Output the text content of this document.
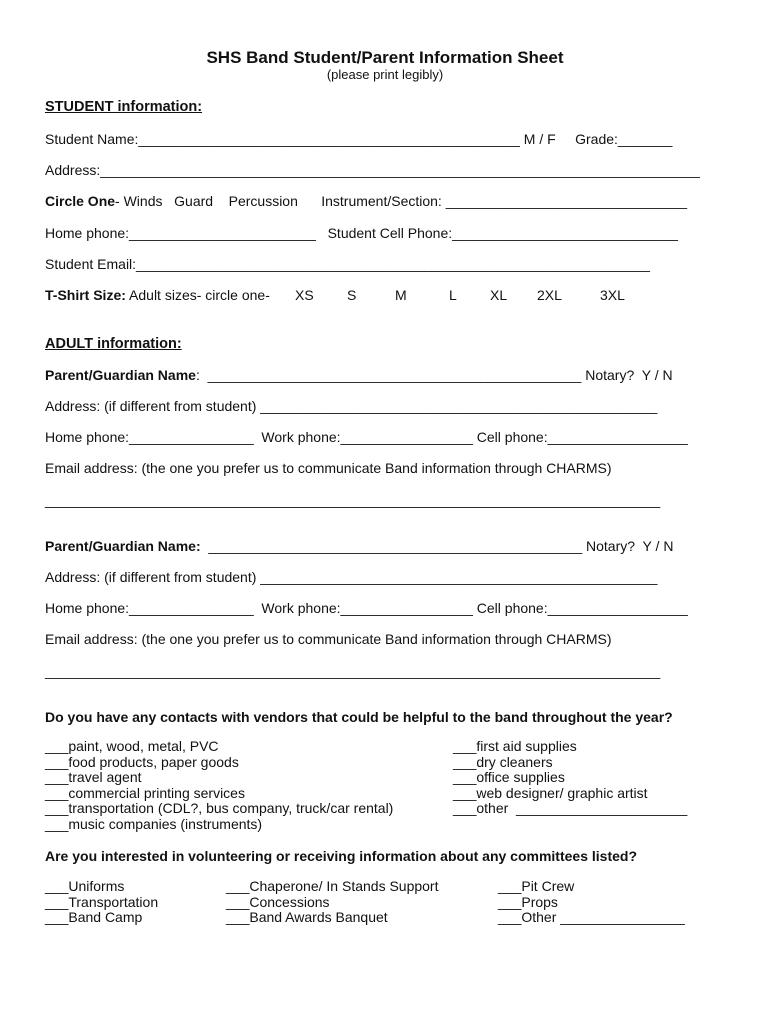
SHS Band Student/Parent Information Sheet
(please print legibly)
STUDENT information:
Student Name:_________________________________________________ M / F     Grade:_______
Address:_____________________________________________________________________________
Circle One- Winds   Guard    Percussion      Instrument/Section: _______________________________
Home phone:________________________   Student Cell Phone:_____________________________
Student Email:__________________________________________________________________
T-Shirt Size: Adult sizes- circle one- XS S	M	L XL 2XL	3XL
ADULT information:
Parent/Guardian Name:  ________________________________________________ Notary?  Y / N
Address: (if different from student) ___________________________________________________
Home phone:________________  Work phone:_________________ Cell phone:__________________
Email address: (the one you prefer us to communicate Band information through CHARMS)
_______________________________________________________________________________
Parent/Guardian Name:  ________________________________________________ Notary?  Y / N
Address: (if different from student) ___________________________________________________
Home phone:________________  Work phone:_________________ Cell phone:__________________
Email address: (the one you prefer us to communicate Band information through CHARMS)
_______________________________________________________________________________
Do you have any contacts with vendors that could be helpful to the band throughout the year?
___paint, wood, metal, PVC
___food products, paper goods
___travel agent
___commercial printing services
___transportation (CDL?, bus company, truck/car rental)
___music companies (instruments)
___first aid supplies
___dry cleaners
___office supplies
___web designer/ graphic artist
___other  ______________________
Are you interested in volunteering or receiving information about any committees listed?
___Uniforms
___Transportation
___Band Camp
___Chaperone/ In Stands Support
___Concessions
___Band Awards Banquet
___Pit Crew
___Props
___Other ________________
